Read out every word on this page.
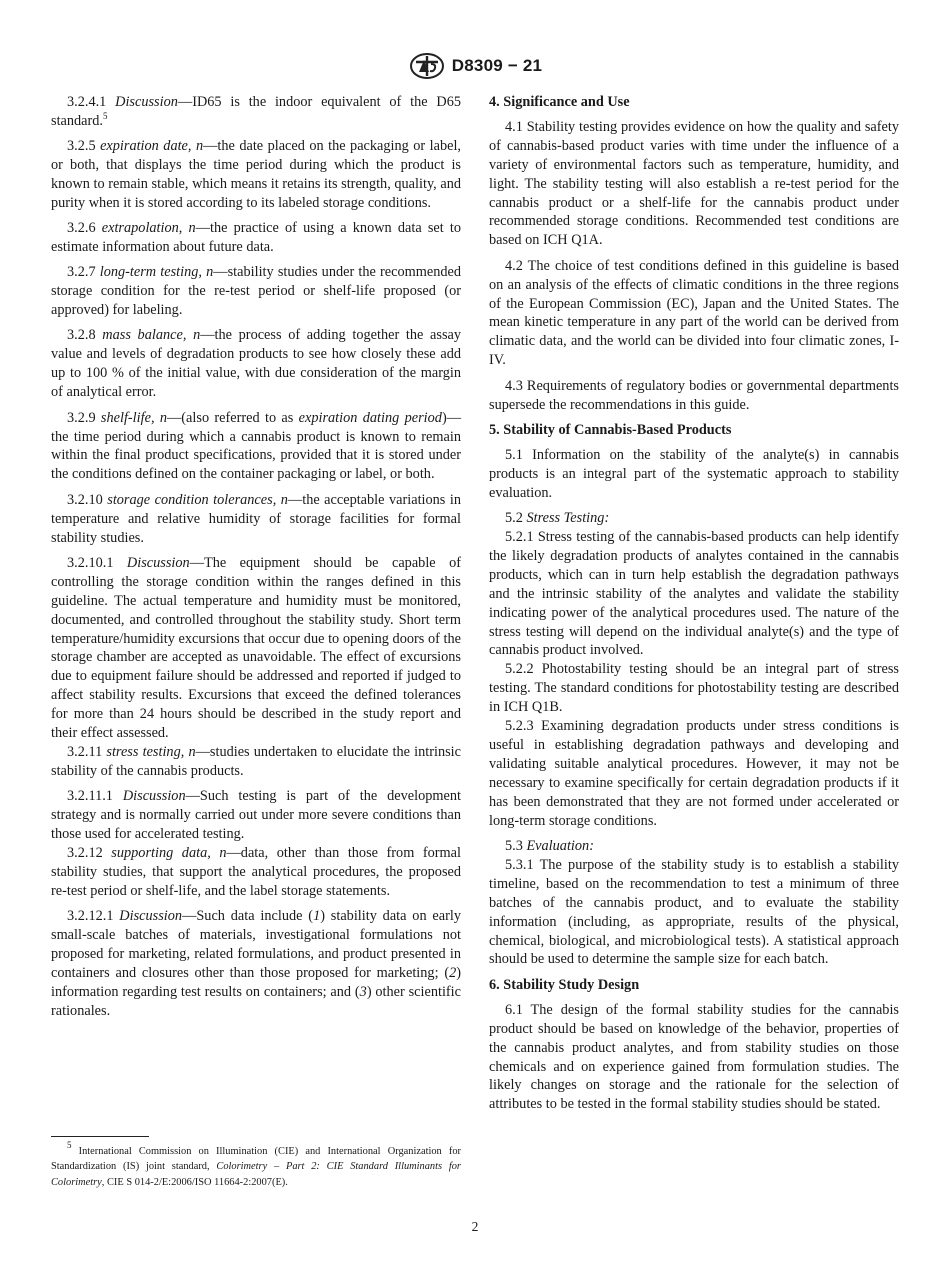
D8309 − 21

3.2.4.1 Discussion—ID65 is the indoor equivalent of the D65 standard.$^5$

3.2.5 expiration date, n—the date placed on the packaging or label, or both, that displays the time period during which the product is known to remain stable, which means it retains its strength, quality, and purity when it is stored according to its labeled storage conditions.

3.2.6 extrapolation, n—the practice of using a known data set to estimate information about future data.

3.2.7 long-term testing, n—stability studies under the recommended storage condition for the re-test period or shelf-life proposed (or approved) for labeling.

3.2.8 mass balance, n—the process of adding together the assay value and levels of degradation products to see how closely these add up to 100 % of the initial value, with due consideration of the margin of analytical error.

3.2.9 shelf-life, n—(also referred to as expiration dating period)—the time period during which a cannabis product is known to remain within the final product specifications, provided that it is stored under the conditions defined on the container packaging or label, or both.

3.2.10 storage condition tolerances, n—the acceptable variations in temperature and relative humidity of storage facilities for formal stability studies.

3.2.10.1 Discussion—The equipment should be capable of controlling the storage condition within the ranges defined in this guideline. The actual temperature and humidity must be monitored, documented, and controlled throughout the stability study. Short term temperature/humidity excursions that occur due to opening doors of the storage chamber are accepted as unavoidable. The effect of excursions due to equipment failure should be addressed and reported if judged to affect stability results. Excursions that exceed the defined tolerances for more than 24 hours should be described in the study report and their effect assessed.

3.2.11 stress testing, n—studies undertaken to elucidate the intrinsic stability of the cannabis products.

3.2.11.1 Discussion—Such testing is part of the development strategy and is normally carried out under more severe conditions than those used for accelerated testing.

3.2.12 supporting data, n—data, other than those from formal stability studies, that support the analytical procedures, the proposed re-test period or shelf-life, and the label storage statements.

3.2.12.1 Discussion—Such data include (1) stability data on early small-scale batches of materials, investigational formulations not proposed for marketing, related formulations, and product presented in containers and closures other than those proposed for marketing; (2) information regarding test results on containers; and (3) other scientific rationales.

$^5$ International Commission on Illumination (CIE) and International Organization for Standardization (IS) joint standard, Colorimetry – Part 2: CIE Standard Illuminants for Colorimetry, CIE S 014-2/E:2006/ISO 11664-2:2007(E).
4. Significance and Use

4.1 Stability testing provides evidence on how the quality and safety of cannabis-based product varies with time under the influence of a variety of environmental factors such as temperature, humidity, and light. The stability testing will also establish a re-test period for the cannabis product or a shelf-life for the cannabis product under recommended storage conditions. Recommended test conditions are based on ICH Q1A.

4.2 The choice of test conditions defined in this guideline is based on an analysis of the effects of climatic conditions in the three regions of the European Commission (EC), Japan and the United States. The mean kinetic temperature in any part of the world can be derived from climatic data, and the world can be divided into four climatic zones, I-IV.

4.3 Requirements of regulatory bodies or governmental departments supersede the recommendations in this guide.

5. Stability of Cannabis-Based Products

5.1 Information on the stability of the analyte(s) in cannabis products is an integral part of the systematic approach to stability evaluation.

5.2 Stress Testing:

5.2.1 Stress testing of the cannabis-based products can help identify the likely degradation products of analytes contained in the cannabis products, which can in turn help establish the degradation pathways and the intrinsic stability of the analytes and validate the stability indicating power of the analytical procedures used. The nature of the stress testing will depend on the individual analyte(s) and the type of cannabis product involved.

5.2.2 Photostability testing should be an integral part of stress testing. The standard conditions for photostability testing are described in ICH Q1B.

5.2.3 Examining degradation products under stress conditions is useful in establishing degradation pathways and developing and validating suitable analytical procedures. However, it may not be necessary to examine specifically for certain degradation products if it has been demonstrated that they are not formed under accelerated or long-term storage conditions.

5.3 Evaluation:

5.3.1 The purpose of the stability study is to establish a stability timeline, based on the recommendation to test a minimum of three batches of the cannabis product, and to evaluate the stability information (including, as appropriate, results of the physical, chemical, biological, and microbiological tests). A statistical approach should be used to determine the sample size for each batch.

6. Stability Study Design

6.1 The design of the formal stability studies for the cannabis product should be based on knowledge of the behavior, properties of the cannabis product analytes, and from stability studies on those chemicals and on experience gained from formulation studies. The likely changes on storage and the rationale for the selection of attributes to be tested in the formal stability studies should be stated.

2
